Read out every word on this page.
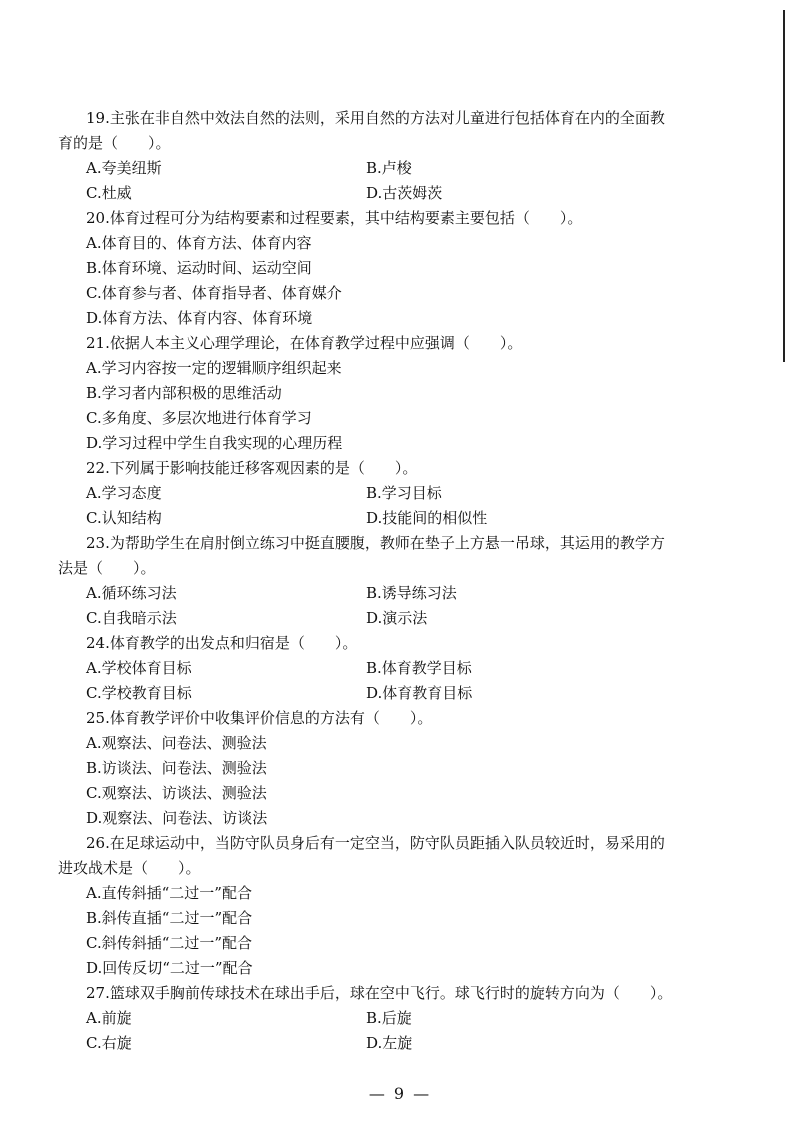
19.主张在非自然中效法自然的法则，采用自然的方法对儿童进行包括体育在内的全面教
育的是（　　）。
A.夸美纽斯	B.卢梭
C.杜威	D.古茨姆茨
20.体育过程可分为结构要素和过程要素，其中结构要素主要包括（　　）。
A.体育目的、体育方法、体育内容
B.体育环境、运动时间、运动空间
C.体育参与者、体育指导者、体育媒介
D.体育方法、体育内容、体育环境
21.依据人本主义心理学理论，在体育教学过程中应强调（　　）。
A.学习内容按一定的逻辑顺序组织起来
B.学习者内部积极的思维活动
C.多角度、多层次地进行体育学习
D.学习过程中学生自我实现的心理历程
22.下列属于影响技能迁移客观因素的是（　　）。
A.学习态度	B.学习目标
C.认知结构	D.技能间的相似性
23.为帮助学生在肩肘倒立练习中挺直腰腹，教师在垫子上方悬一吊球，其运用的教学方
法是（　　）。
A.循环练习法	B.诱导练习法
C.自我暗示法	D.演示法
24.体育教学的出发点和归宿是（　　）。
A.学校体育目标	B.体育教学目标
C.学校教育目标	D.体育教育目标
25.体育教学评价中收集评价信息的方法有（　　）。
A.观察法、问卷法、测验法
B.访谈法、问卷法、测验法
C.观察法、访谈法、测验法
D.观察法、问卷法、访谈法
26.在足球运动中，当防守队员身后有一定空当，防守队员距插入队员较近时，易采用的
进攻战术是（　　）。
A.直传斜插“二过一”配合
B.斜传直插“二过一”配合
C.斜传斜插“二过一”配合
D.回传反切“二过一”配合
27.篮球双手胸前传球技术在球出手后，球在空中飞行。球飞行时的旋转方向为（　　）。
A.前旋	B.后旋
C.右旋	D.左旋
— 9 —
